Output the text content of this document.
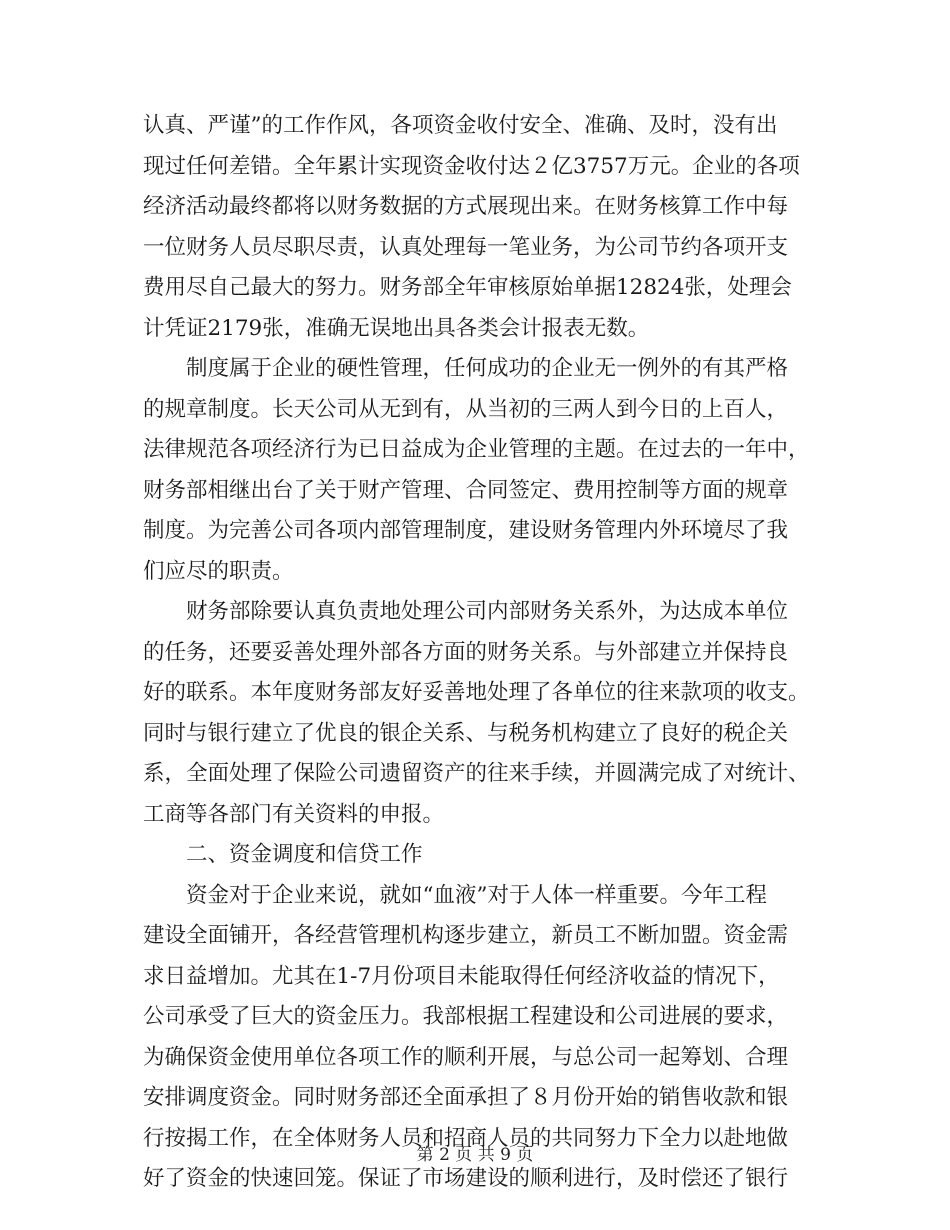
认真、严谨”的工作作风，各项资金收付安全、准确、及时，没有出
现过任何差错。全年累计实现资金收付达２亿3757万元。企业的各项
经济活动最终都将以财务数据的方式展现出来。在财务核算工作中每
一位财务人员尽职尽责，认真处理每一笔业务，为公司节约各项开支
费用尽自己最大的努力。财务部全年审核原始单据12824张，处理会
计凭证2179张，准确无误地出具各类会计报表无数。
制度属于企业的硬性管理，任何成功的企业无一例外的有其严格
的规章制度。长天公司从无到有，从当初的三两人到今日的上百人，
法律规范各项经济行为已日益成为企业管理的主题。在过去的一年中，
财务部相继出台了关于财产管理、合同签定、费用控制等方面的规章
制度。为完善公司各项内部管理制度，建设财务管理内外环境尽了我
们应尽的职责。
财务部除要认真负责地处理公司内部财务关系外，为达成本单位
的任务，还要妥善处理外部各方面的财务关系。与外部建立并保持良
好的联系。本年度财务部友好妥善地处理了各单位的往来款项的收支。
同时与银行建立了优良的银企关系、与税务机构建立了良好的税企关
系，全面处理了保险公司遗留资产的往来手续，并圆满完成了对统计、
工商等各部门有关资料的申报。
二、资金调度和信贷工作
资金对于企业来说，就如“血液”对于人体一样重要。今年工程
建设全面铺开，各经营管理机构逐步建立，新员工不断加盟。资金需
求日益增加。尤其在1-7月份项目未能取得任何经济收益的情况下，
公司承受了巨大的资金压力。我部根据工程建设和公司进展的要求，
为确保资金使用单位各项工作的顺利开展，与总公司一起筹划、合理
安排调度资金。同时财务部还全面承担了８月份开始的销售收款和银
行按揭工作，在全体财务人员和招商人员的共同努力下全力以赴地做
好了资金的快速回笼。保证了市场建设的顺利进行，及时偿还了银行
第 2 页 共 9 页
